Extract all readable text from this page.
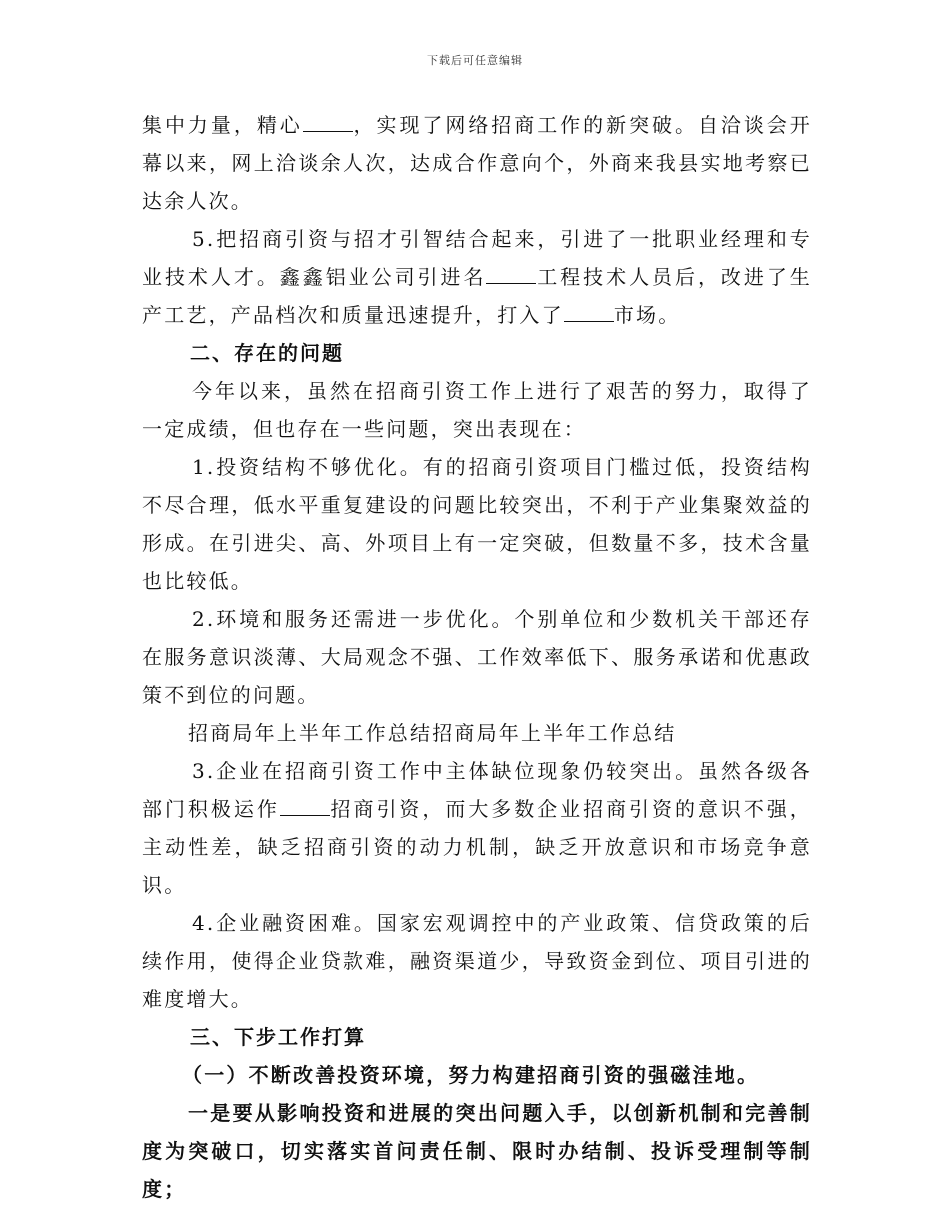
下载后可任意编辑

集中力量，精心	，实现了网络招商工作的新突破。自洽谈会开幕以来，网上洽谈余人次，达成合作意向个，外商来我县实地考察已达余人次。

5.把招商引资与招才引智结合起来，引进了一批职业经理和专业技术人才。鑫鑫铝业公司引进名	工程技术人员后，改进了生产工艺，产品档次和质量迅速提升，打入了	市场。

二、存在的问题

今年以来，虽然在招商引资工作上进行了艰苦的努力，取得了一定成绩，但也存在一些问题，突出表现在：

1.投资结构不够优化。有的招商引资项目门槛过低，投资结构不尽合理，低水平重复建设的问题比较突出，不利于产业集聚效益的形成。在引进尖、高、外项目上有一定突破，但数量不多，技术含量也比较低。

2.环境和服务还需进一步优化。个别单位和少数机关干部还存在服务意识淡薄、大局观念不强、工作效率低下、服务承诺和优惠政策不到位的问题。

招商局年上半年工作总结招商局年上半年工作总结

3.企业在招商引资工作中主体缺位现象仍较突出。虽然各级各部门积极运作	招商引资，而大多数企业招商引资的意识不强，主动性差，缺乏招商引资的动力机制，缺乏开放意识和市场竞争意识。

4.企业融资困难。国家宏观调控中的产业政策、信贷政策的后续作用，使得企业贷款难，融资渠道少，导致资金到位、项目引进的难度增大。

三、下步工作打算

（一）不断改善投资环境，努力构建招商引资的强磁洼地。

一是要从影响投资和进展的突出问题入手，以创新机制和完善制度为突破口，切实落实首问责任制、限时办结制、投诉受理制等制度；
